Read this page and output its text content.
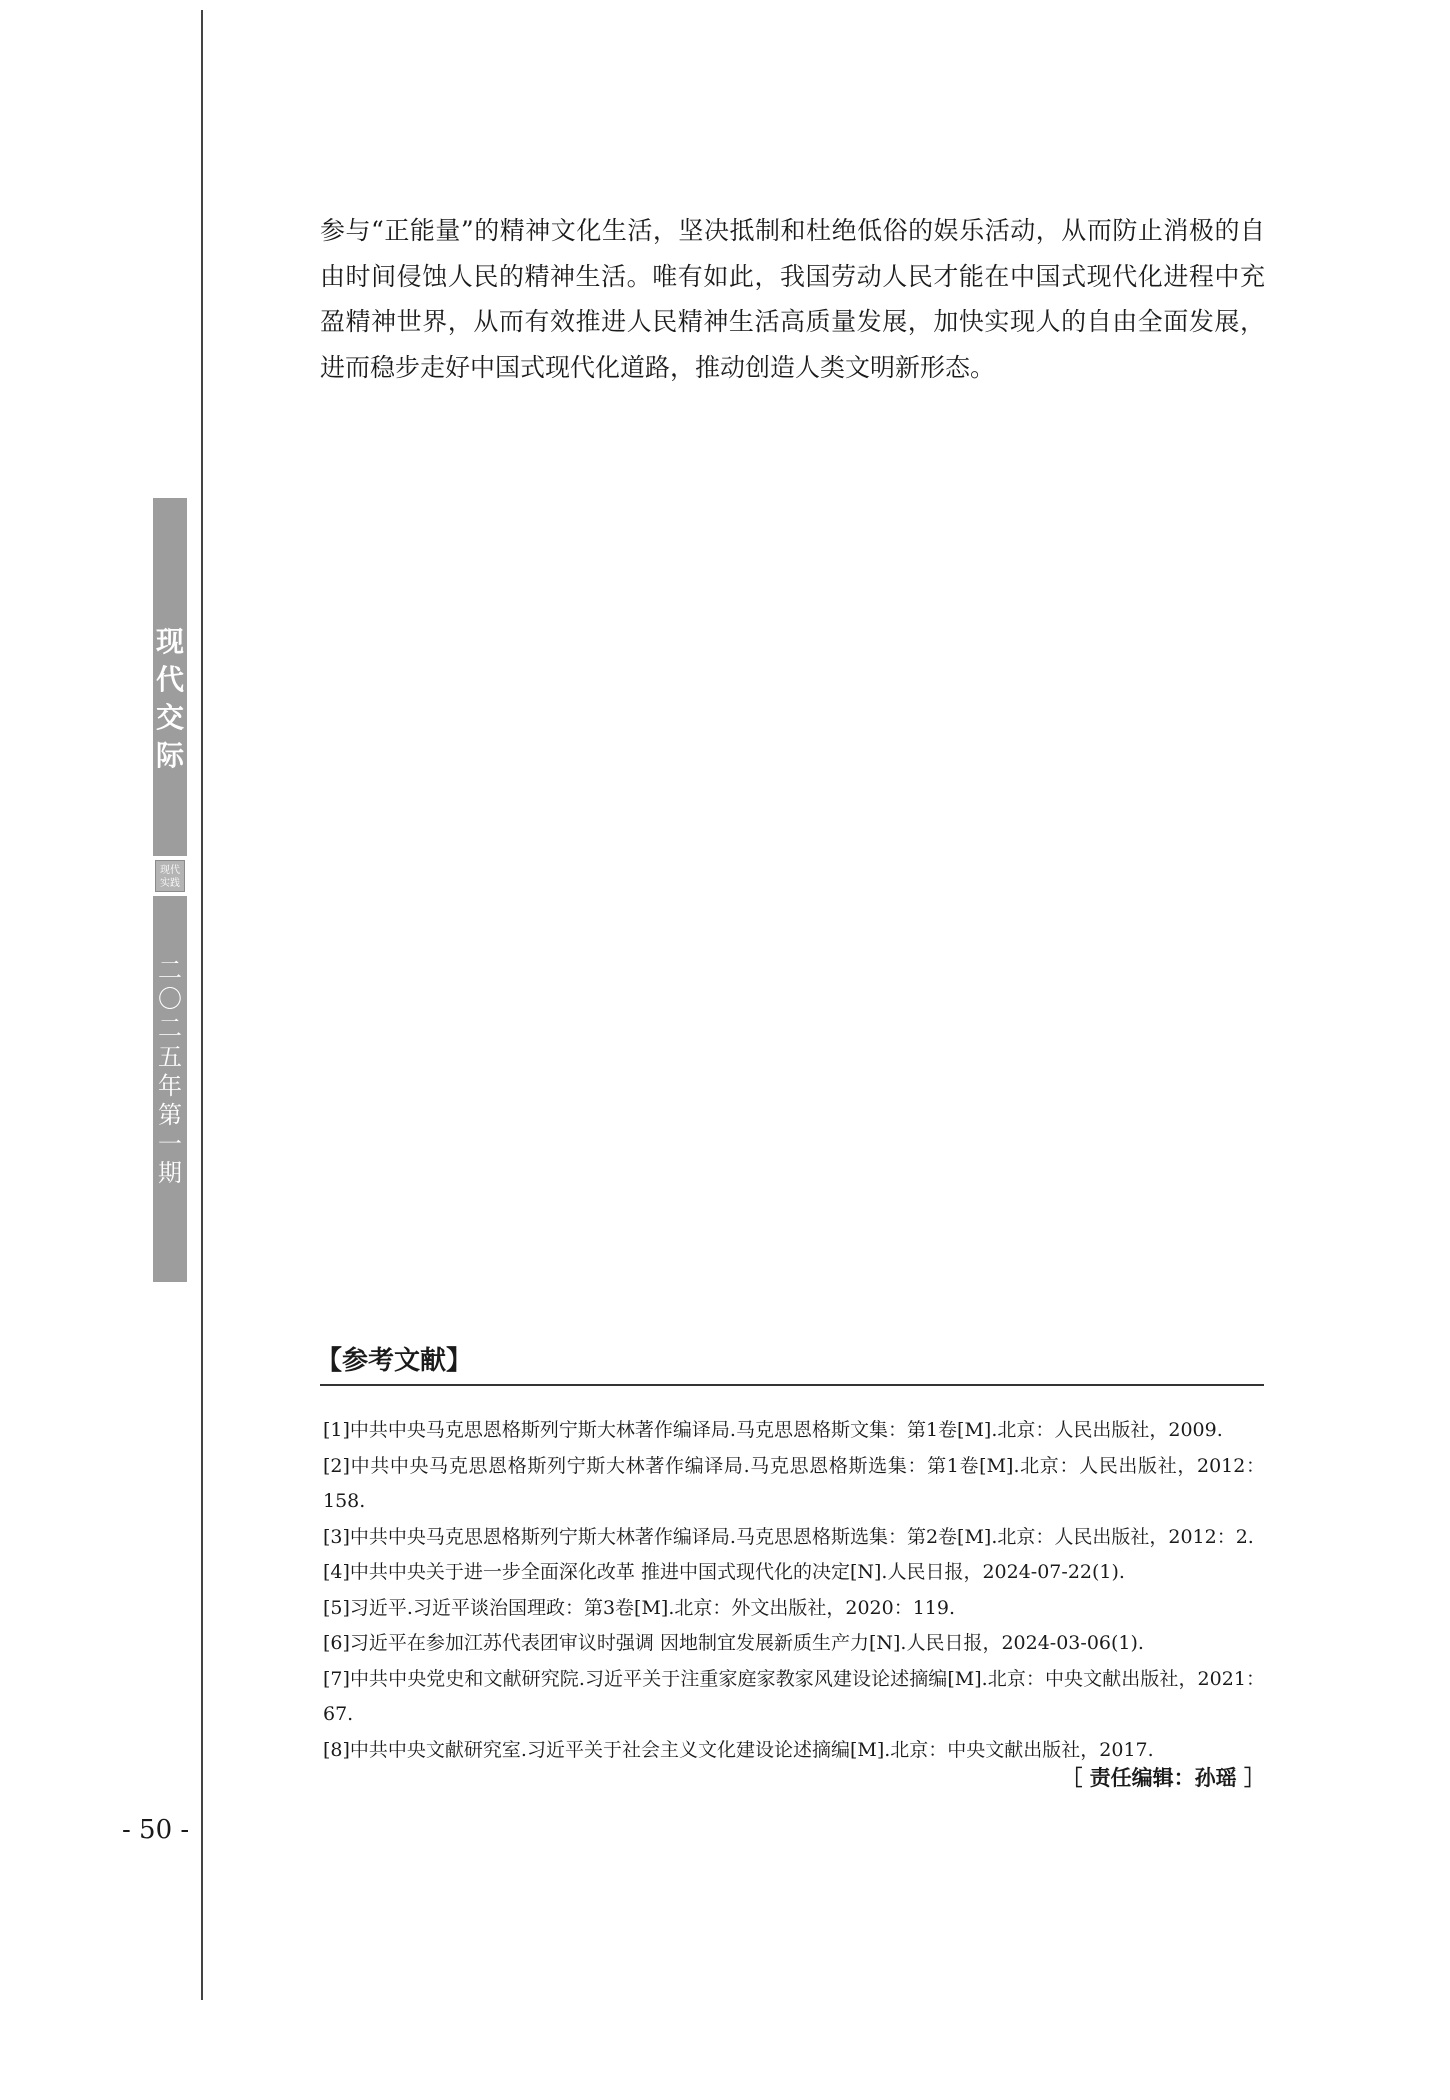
现代交际
现代实践
二〇二五年 第一期

参与“正能量”的精神文化生活，坚决抵制和杜绝低俗的娱乐活动，从而防止消极的自由时间侵蚀人民的精神生活。唯有如此，我国劳动人民才能在中国式现代化进程中充盈精神世界，从而有效推进人民精神生活高质量发展，加快实现人的自由全面发展，进而稳步走好中国式现代化道路，推动创造人类文明新形态。

【参考文献】
[1]中共中央马克思恩格斯列宁斯大林著作编译局.马克思恩格斯文集：第1卷[M].北京：人民出版社，2009.
[2]中共中央马克思恩格斯列宁斯大林著作编译局.马克思恩格斯选集：第1卷[M].北京：人民出版社，2012：158.
[3]中共中央马克思恩格斯列宁斯大林著作编译局.马克思恩格斯选集：第2卷[M].北京：人民出版社，2012：2.
[4]中共中央关于进一步全面深化改革 推进中国式现代化的决定[N].人民日报，2024-07-22(1).
[5]习近平.习近平谈治国理政：第3卷[M].北京：外文出版社，2020：119.
[6]习近平在参加江苏代表团审议时强调 因地制宜发展新质生产力[N].人民日报，2024-03-06(1).
[7]中共中央党史和文献研究院.习近平关于注重家庭家教家风建设论述摘编[M].北京：中央文献出版社，2021：67.
[8]中共中央文献研究室.习近平关于社会主义文化建设论述摘编[M].北京：中央文献出版社，2017.
［ 责任编辑：孙瑶 ］
- 50 -
